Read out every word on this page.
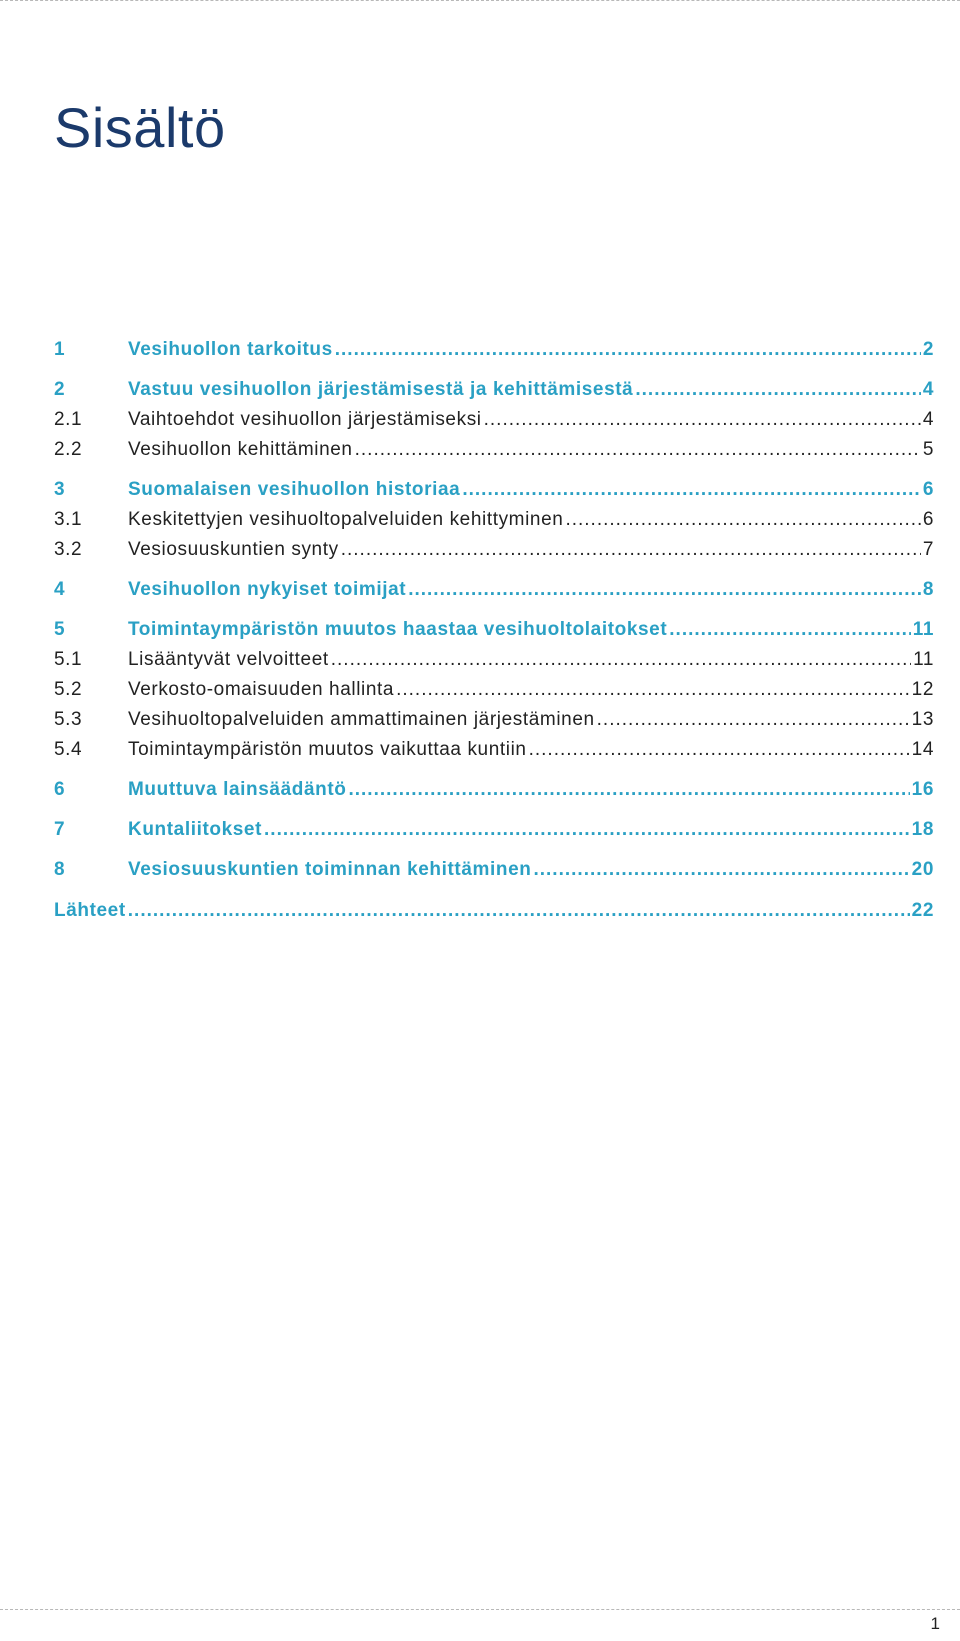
Sisältö
1	Vesihuollon tarkoitus .....	2
2	Vastuu vesihuollon järjestämisestä ja kehittämisestä .....	4
2.1	Vaihtoehdot vesihuollon järjestämiseksi .....	4
2.2	Vesihuollon kehittäminen .....	5
3	Suomalaisen vesihuollon historiaa .....	6
3.1	Keskitettyjen vesihuoltopalveluiden kehittyminen .....	6
3.2	Vesiosuuskuntien synty .....	7
4	Vesihuollon nykyiset toimijat .....	8
5	Toimintaympäristön muutos haastaa vesihuoltolaitokset .....	11
5.1	Lisääntyvät velvoitteet .....	11
5.2	Verkosto-omaisuuden hallinta .....	12
5.3	Vesihuoltopalveluiden ammattimainen järjestäminen .....	13
5.4	Toimintaympäristön muutos vaikuttaa kuntiin .....	14
6	Muuttuva lainsäädäntö .....	16
7	Kuntaliitokset .....	18
8	Vesiosuuskuntien toiminnan kehittäminen .....	20
Lähteet .....	22
1
